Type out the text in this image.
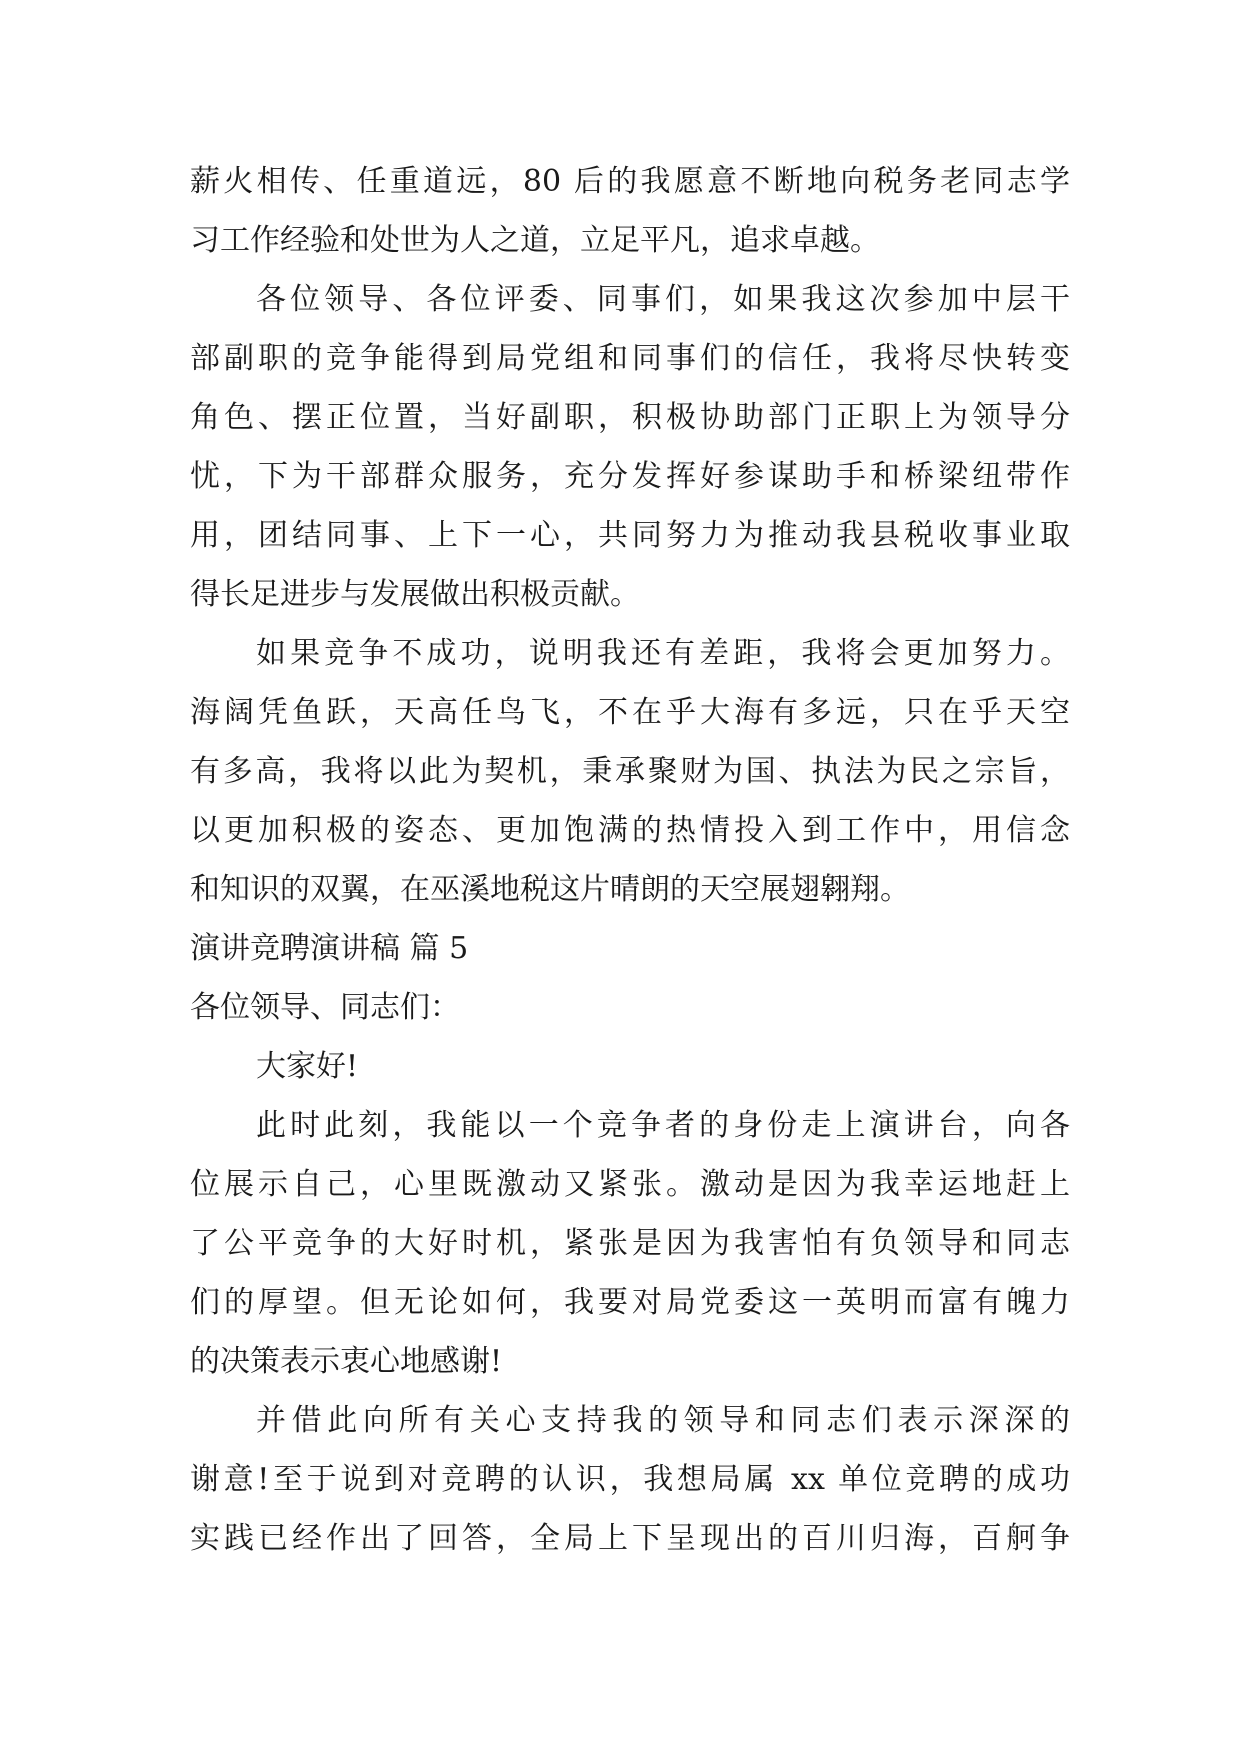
薪火相传、任重道远，80 后的我愿意不断地向税务老同志学
习工作经验和处世为人之道，立足平凡，追求卓越。
各位领导、各位评委、同事们，如果我这次参加中层干
部副职的竞争能得到局党组和同事们的信任，我将尽快转变
角色、摆正位置，当好副职，积极协助部门正职上为领导分
忧，下为干部群众服务，充分发挥好参谋助手和桥梁纽带作
用，团结同事、上下一心，共同努力为推动我县税收事业取
得长足进步与发展做出积极贡献。
如果竞争不成功，说明我还有差距，我将会更加努力。
海阔凭鱼跃，天高任鸟飞，不在乎大海有多远，只在乎天空
有多高，我将以此为契机，秉承聚财为国、执法为民之宗旨，
以更加积极的姿态、更加饱满的热情投入到工作中，用信念
和知识的双翼，在巫溪地税这片晴朗的天空展翅翱翔。
演讲竞聘演讲稿 篇 5
各位领导、同志们：
大家好!
此时此刻，我能以一个竞争者的身份走上演讲台，向各
位展示自己，心里既激动又紧张。激动是因为我幸运地赶上
了公平竞争的大好时机，紧张是因为我害怕有负领导和同志
们的厚望。但无论如何，我要对局党委这一英明而富有魄力
的决策表示衷心地感谢!
并借此向所有关心支持我的领导和同志们表示深深的
谢意!至于说到对竞聘的认识，我想局属 xx 单位竞聘的成功
实践已经作出了回答，全局上下呈现出的百川归海，百舸争
